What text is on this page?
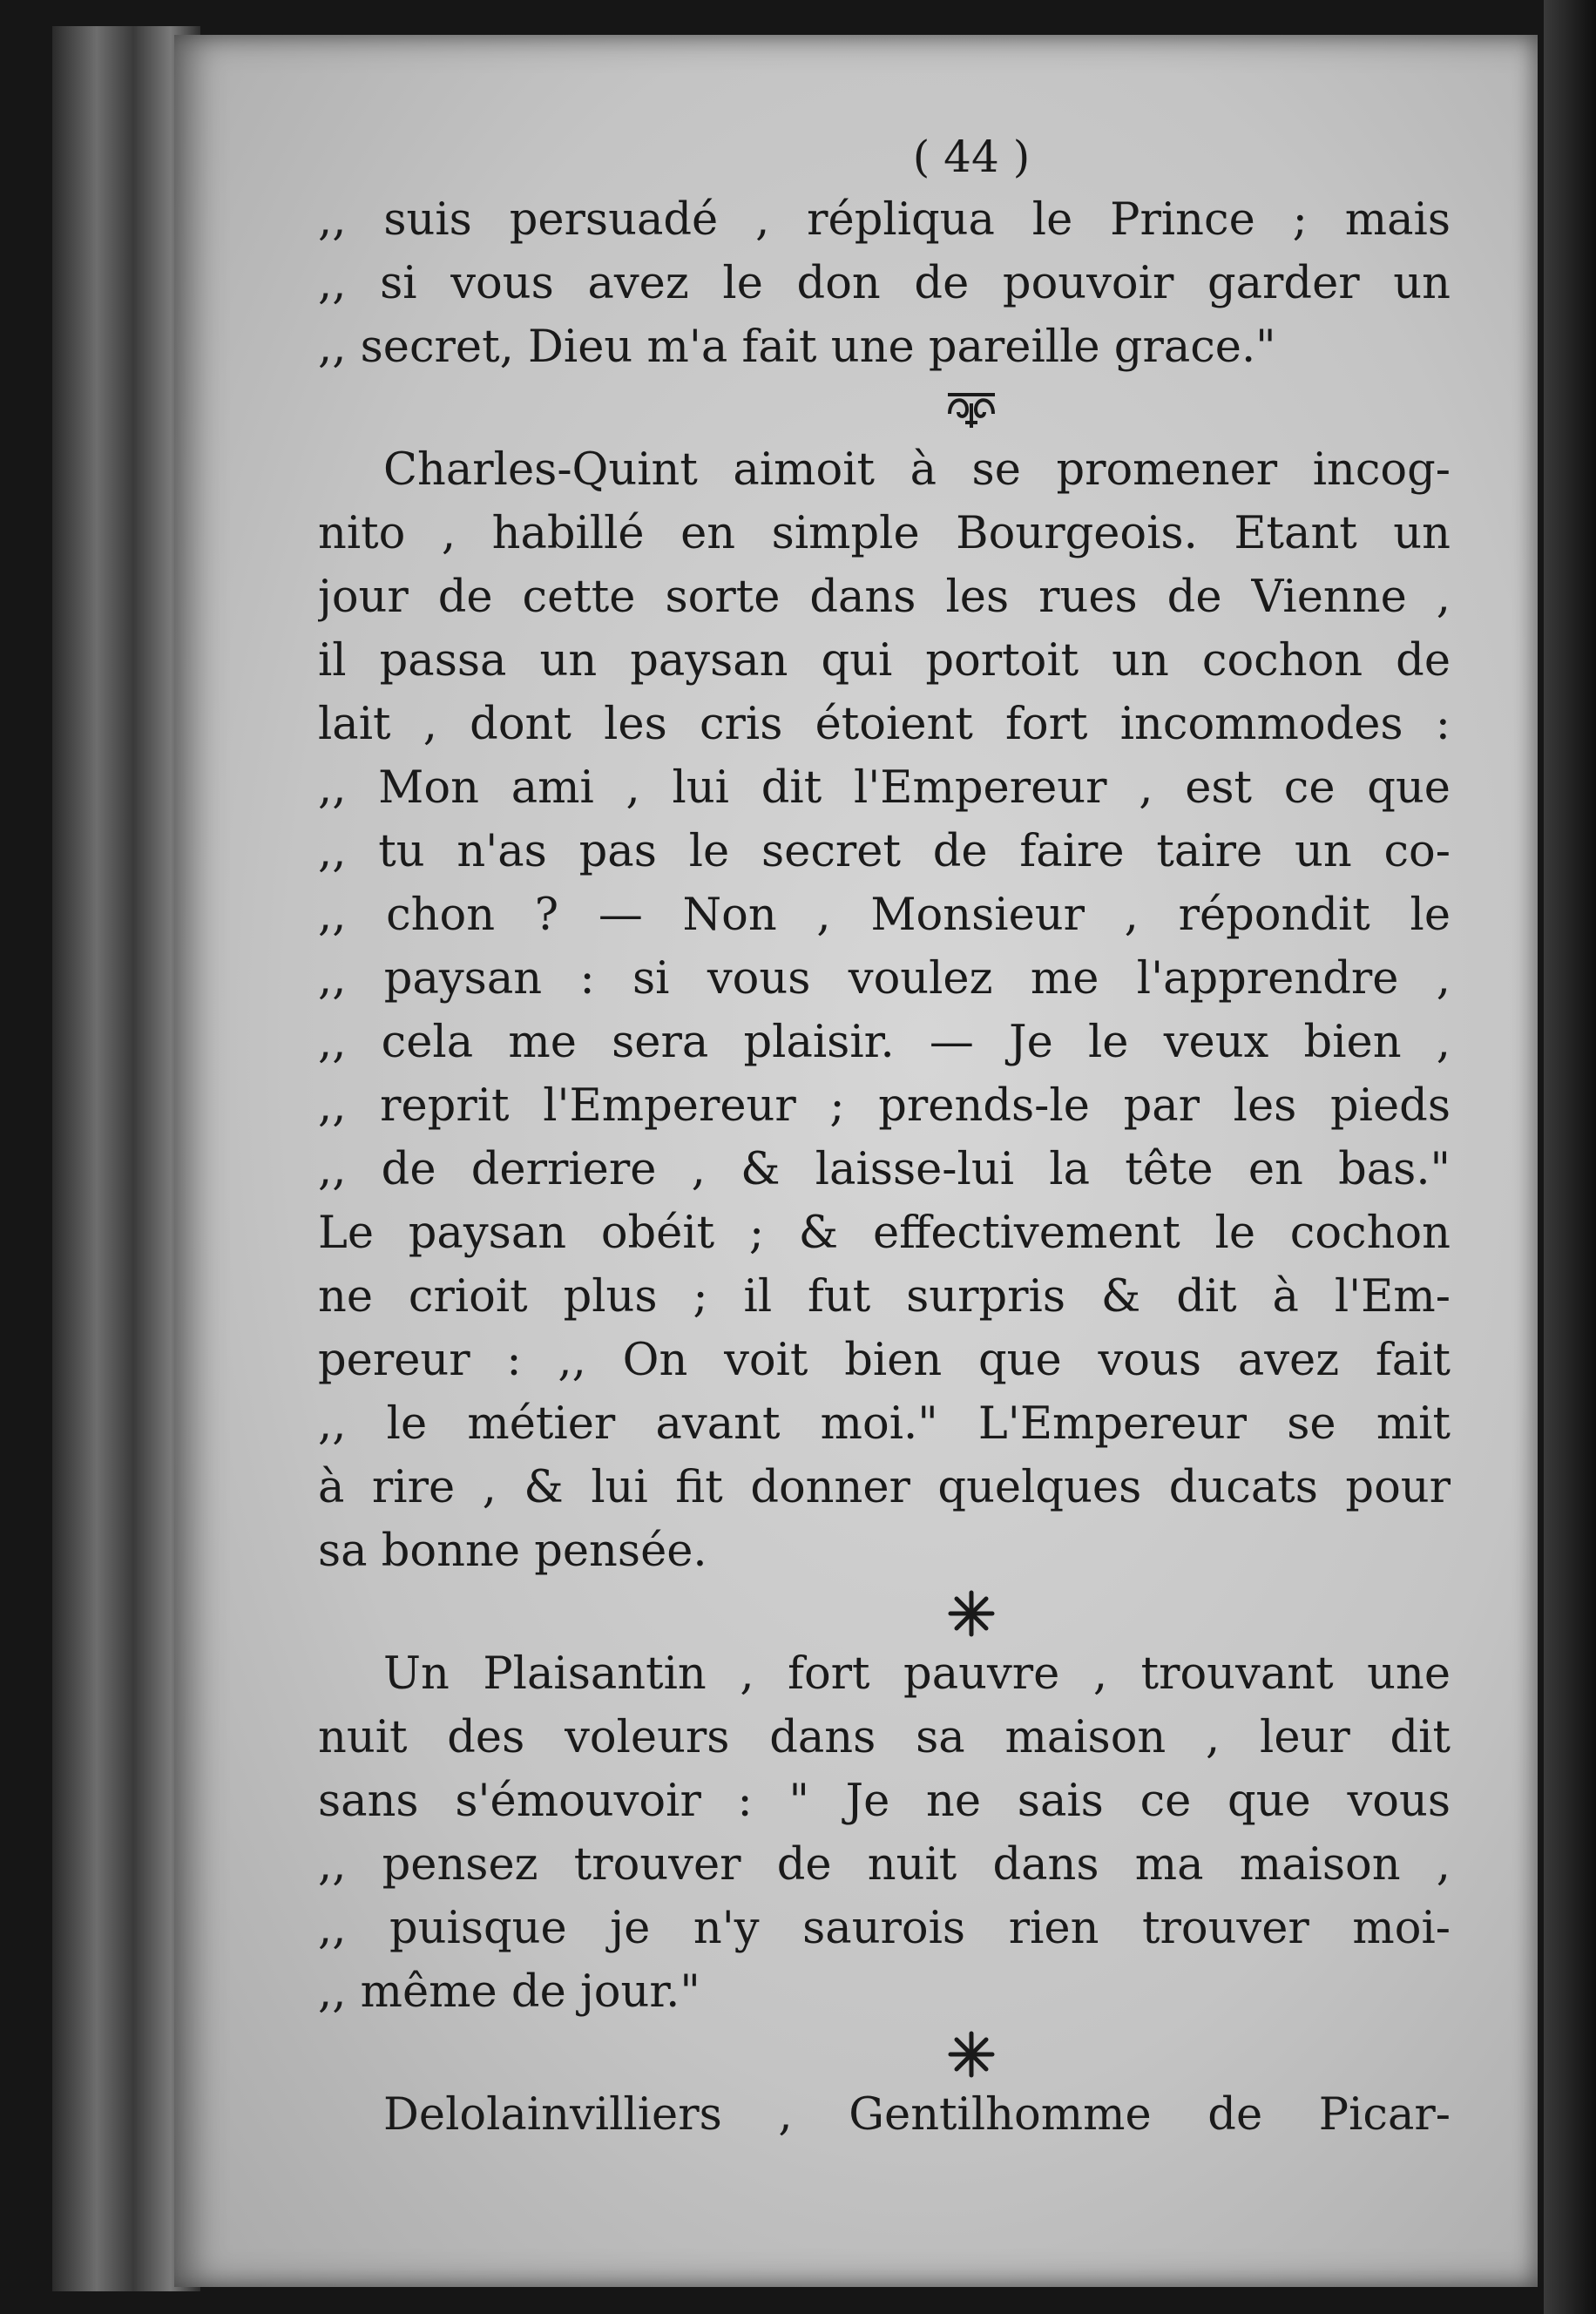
( 44 )
,, suis persuadé , répliqua le Prince ; mais
,, si vous avez le don de pouvoir garder un
,, secret, Dieu m'a fait une pareille grace."
Charles-Quint aimoit à se promener incog-
nito , habillé en simple Bourgeois. Etant un
jour de cette sorte dans les rues de Vienne ,
il passa un paysan qui portoit un cochon de
lait , dont les cris étoient fort incommodes :
,, Mon ami , lui dit l'Empereur , est ce que
,, tu n'as pas le secret de faire taire un co-
,, chon ? — Non , Monsieur , répondit le
,, paysan : si vous voulez me l'apprendre ,
,, cela me sera plaisir. — Je le veux bien ,
,, reprit l'Empereur ; prends-le par les pieds
,, de derriere , & laisse-lui la tête en bas."
Le paysan obéit ; & effectivement le cochon
ne crioit plus ; il fut surpris & dit à l'Em-
pereur : ,, On voit bien que vous avez fait
,, le métier avant moi." L'Empereur se mit
à rire , & lui fit donner quelques ducats pour
sa bonne pensée.
Un Plaisantin , fort pauvre , trouvant une
nuit des voleurs dans sa maison , leur dit
sans s'émouvoir : " Je ne sais ce que vous
,, pensez trouver de nuit dans ma maison ,
,, puisque je n'y saurois rien trouver moi-
,, même de jour."
Delolainvilliers , Gentilhomme de Picar-
